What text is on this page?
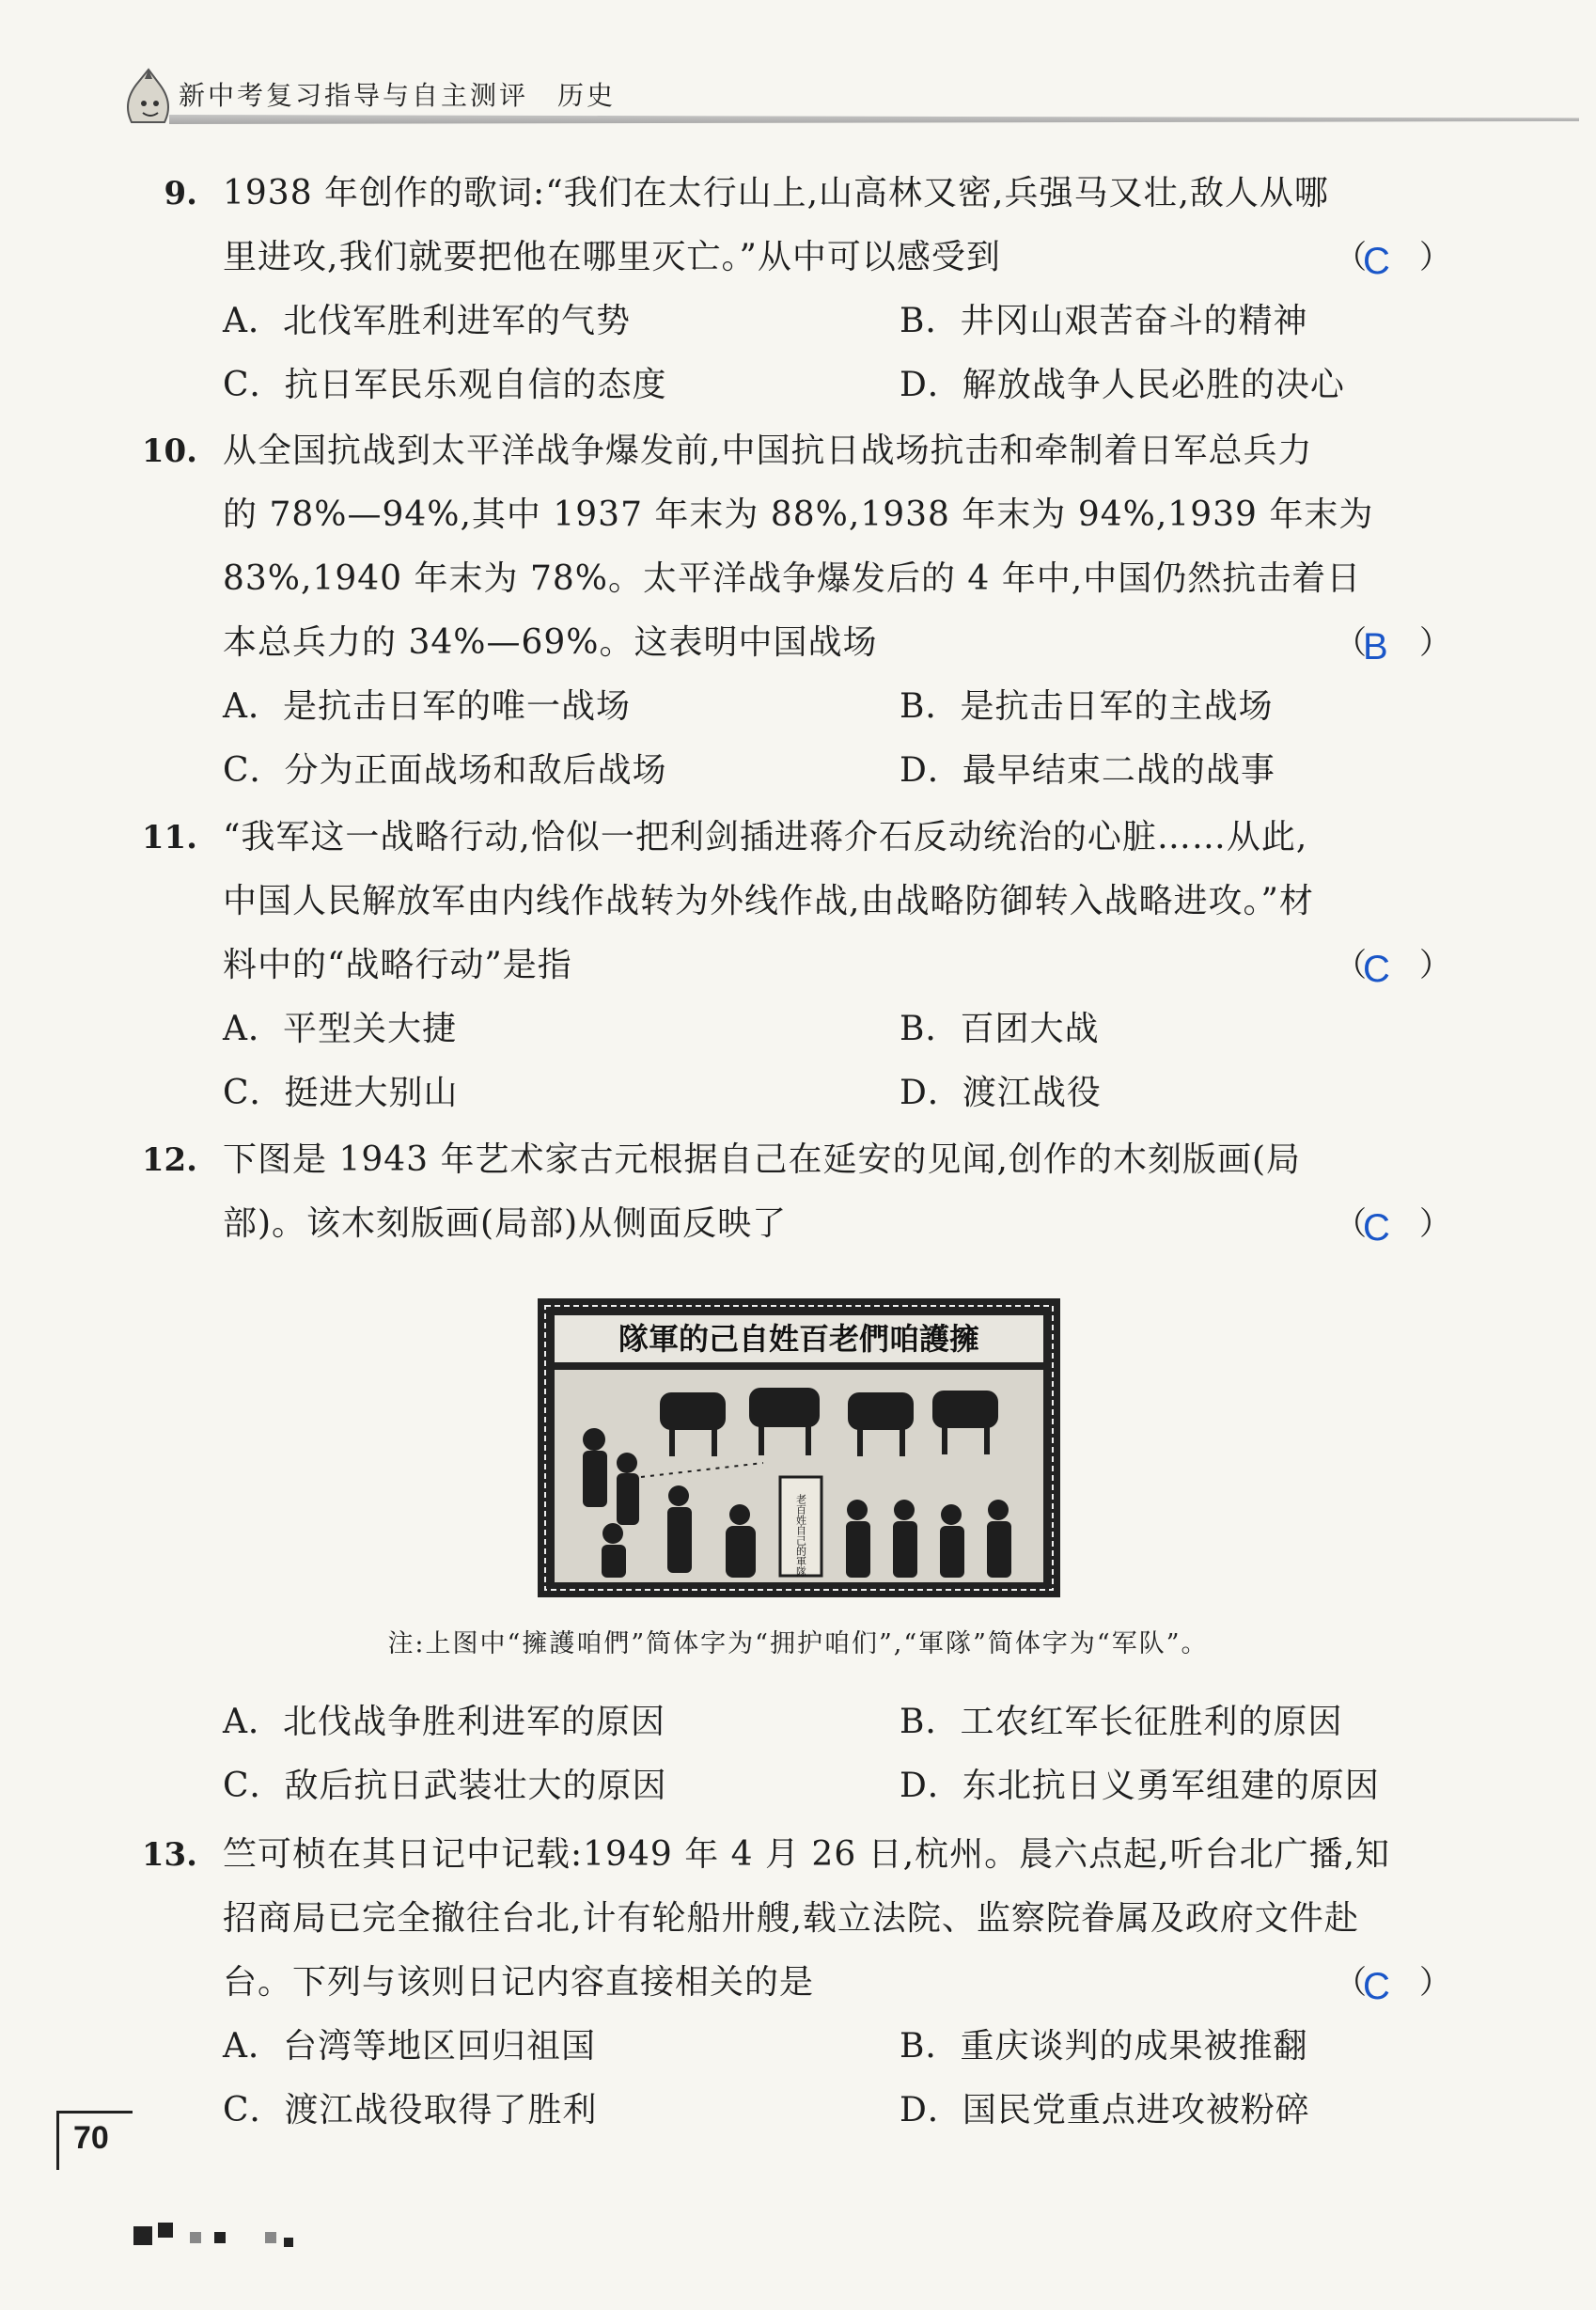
新中考复习指导与自主测评　历史
9. 1938 年创作的歌词:“我们在太行山上,山高林又密,兵强马又壮,敌人从哪
里进攻,我们就要把他在哪里灭亡。”从中可以感受到	（
C ）
A．北伐军胜利进军的气势	B．井冈山艰苦奋斗的精神
C．抗日军民乐观自信的态度	D．解放战争人民必胜的决心
10. 从全国抗战到太平洋战争爆发前,中国抗日战场抗击和牵制着日军总兵力
的 78%—94%,其中 1937 年末为 88%,1938 年末为 94%,1939 年末为
83%,1940 年末为 78%。太平洋战争爆发后的 4 年中,中国仍然抗击着日
本总兵力的 34%—69%。这表明中国战场	（
B ）
A．是抗击日军的唯一战场	B．是抗击日军的主战场
C．分为正面战场和敌后战场	D．最早结束二战的战事
11. “我军这一战略行动,恰似一把利剑插进蒋介石反动统治的心脏……从此,
中国人民解放军由内线作战转为外线作战,由战略防御转入战略进攻。”材
料中的“战略行动”是指	（
C ）
A．平型关大捷	B．百团大战
C．挺进大别山	D．渡江战役
12. 下图是 1943 年艺术家古元根据自己在延安的见闻,创作的木刻版画(局
部)。该木刻版画(局部)从侧面反映了	（
C ）
隊軍的己自姓百老們咱護擁
老百姓自己的軍隊
注:上图中“擁護咱們”简体字为“拥护咱们”,“軍隊”简体字为“军队”。
A．北伐战争胜利进军的原因	B．工农红军长征胜利的原因
C．敌后抗日武装壮大的原因	D．东北抗日义勇军组建的原因
13. 竺可桢在其日记中记载:1949 年 4 月 26 日,杭州。晨六点起,听台北广播,知
招商局已完全撤往台北,计有轮船卅艘,载立法院、监察院眷属及政府文件赴
台。下列与该则日记内容直接相关的是	（
C ）
A．台湾等地区回归祖国	B．重庆谈判的成果被推翻
C．渡江战役取得了胜利	D．国民党重点进攻被粉碎
70
